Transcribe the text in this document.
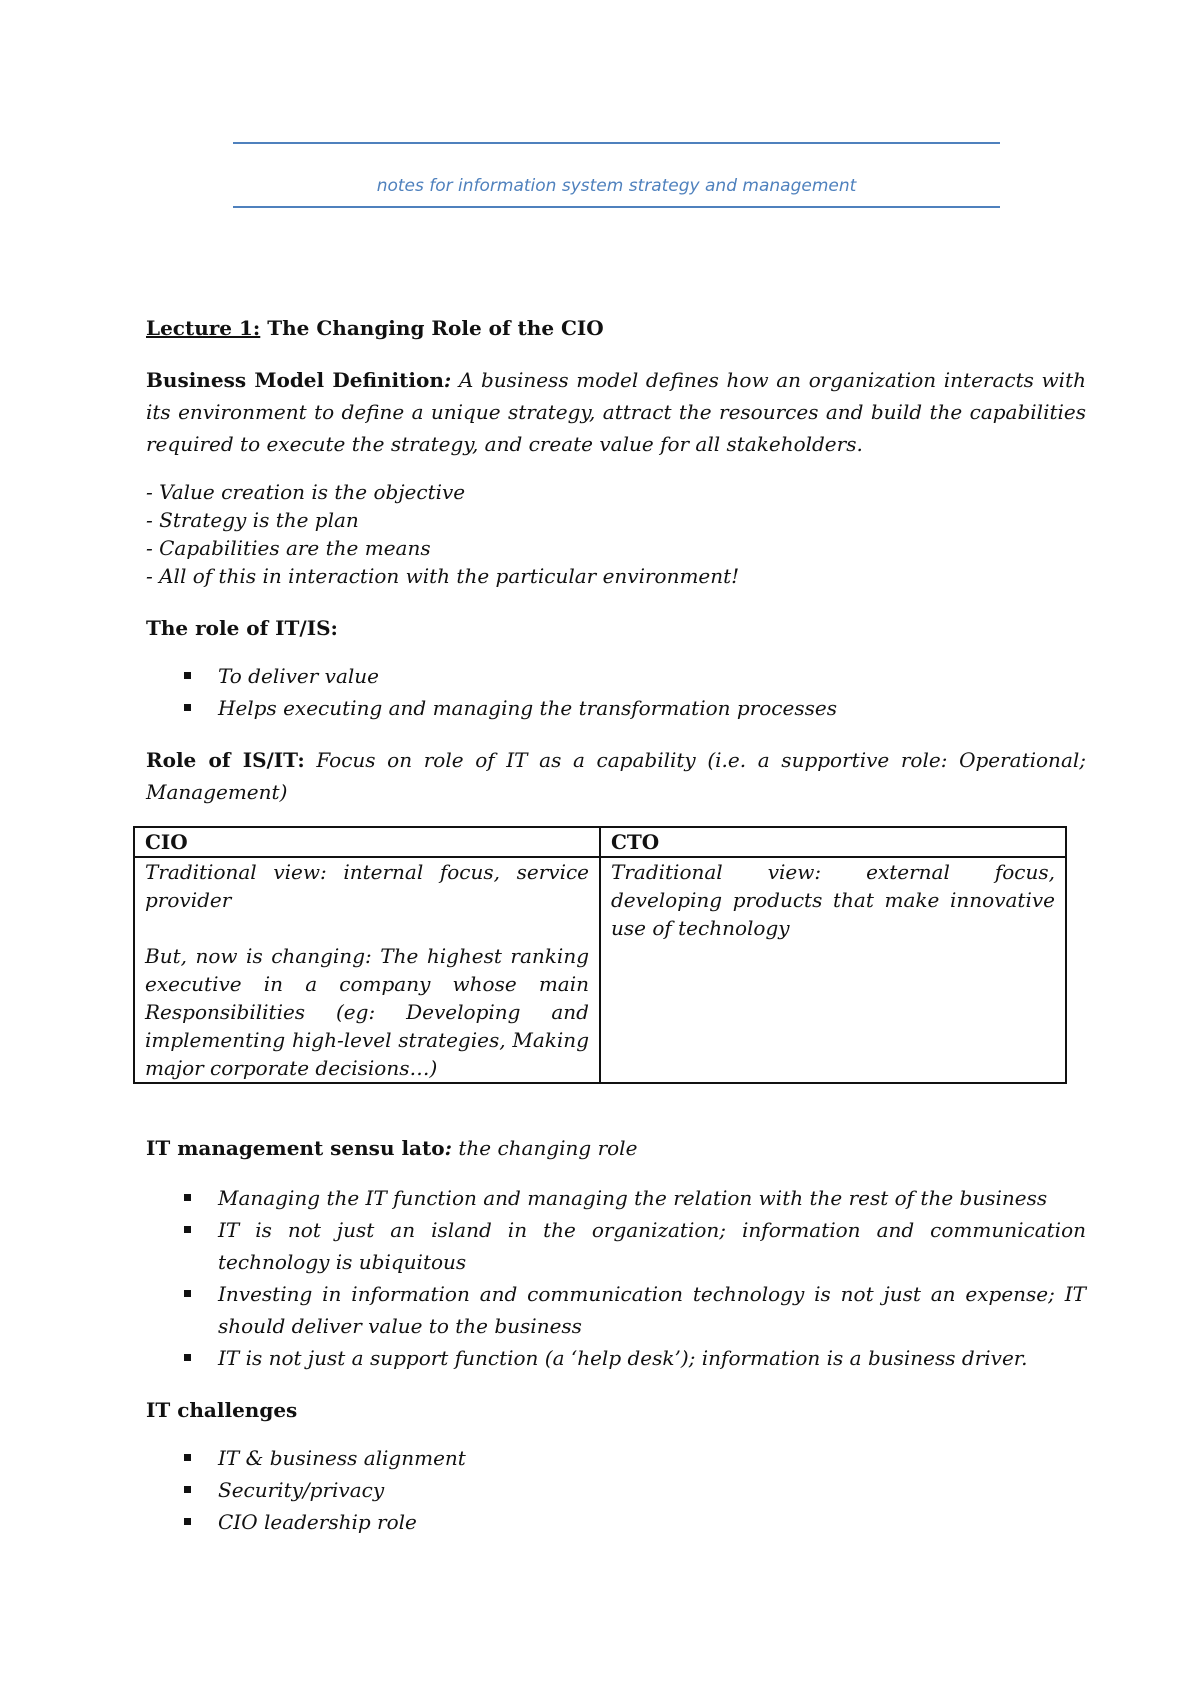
notes for information system strategy and management

Lecture 1: The Changing Role of the CIO

Business Model Definition: A business model defines how an organization interacts with its environment to define a unique strategy, attract the resources and build the capabilities required to execute the strategy, and create value for all stakeholders.

- Value creation is the objective
- Strategy is the plan
- Capabilities are the means
- All of this in interaction with the particular environment!

The role of IT/IS:

To deliver value
Helps executing and managing the transformation processes

Role of IS/IT: Focus on role of IT as a capability (i.e. a supportive role: Operational; Management)

CIO	CTO

Traditional view: internal focus, service provider
But, now is changing: The highest ranking executive in a company whose main Responsibilities (eg: Developing and implementing high-level strategies, Making major corporate decisions…)	Traditional view: external focus, developing products that make innovative use of technology

IT management sensu lato: the changing role

Managing the IT function and managing the relation with the rest of the business
IT is not just an island in the organization; information and communication technology is ubiquitous
Investing in information and communication technology is not just an expense; IT should deliver value to the business
IT is not just a support function (a ‘help desk’); information is a business driver.

IT challenges

IT & business alignment
Security/privacy
CIO leadership role
